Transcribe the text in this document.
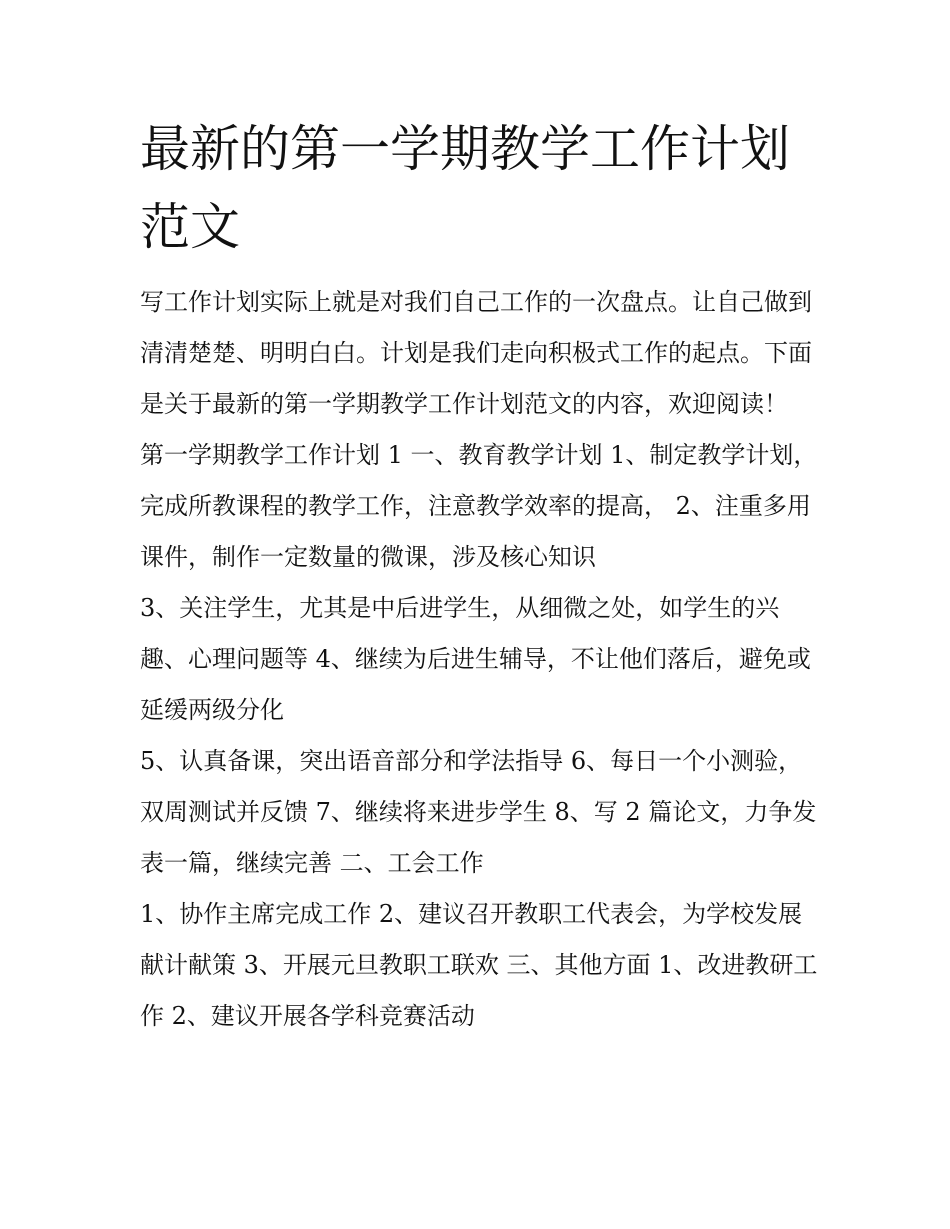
最新的第一学期教学工作计划范文

写工作计划实际上就是对我们自己工作的一次盘点。让自己做到清清楚楚、明明白白。计划是我们走向积极式工作的起点。下面是关于最新的第一学期教学工作计划范文的内容，欢迎阅读！

第一学期教学工作计划 1 一、教育教学计划 1、制定教学计划，完成所教课程的教学工作，注意教学效率的提高， 2、注重多用课件，制作一定数量的微课，涉及核心知识

3、关注学生，尤其是中后进学生，从细微之处，如学生的兴趣、心理问题等 4、继续为后进生辅导，不让他们落后，避免或延缓两级分化

5、认真备课，突出语音部分和学法指导 6、每日一个小测验，双周测试并反馈 7、继续将来进步学生 8、写 2 篇论文，力争发表一篇，继续完善 二、工会工作

1、协作主席完成工作 2、建议召开教职工代表会，为学校发展献计献策 3、开展元旦教职工联欢 三、其他方面 1、改进教研工作 2、建议开展各学科竞赛活动
